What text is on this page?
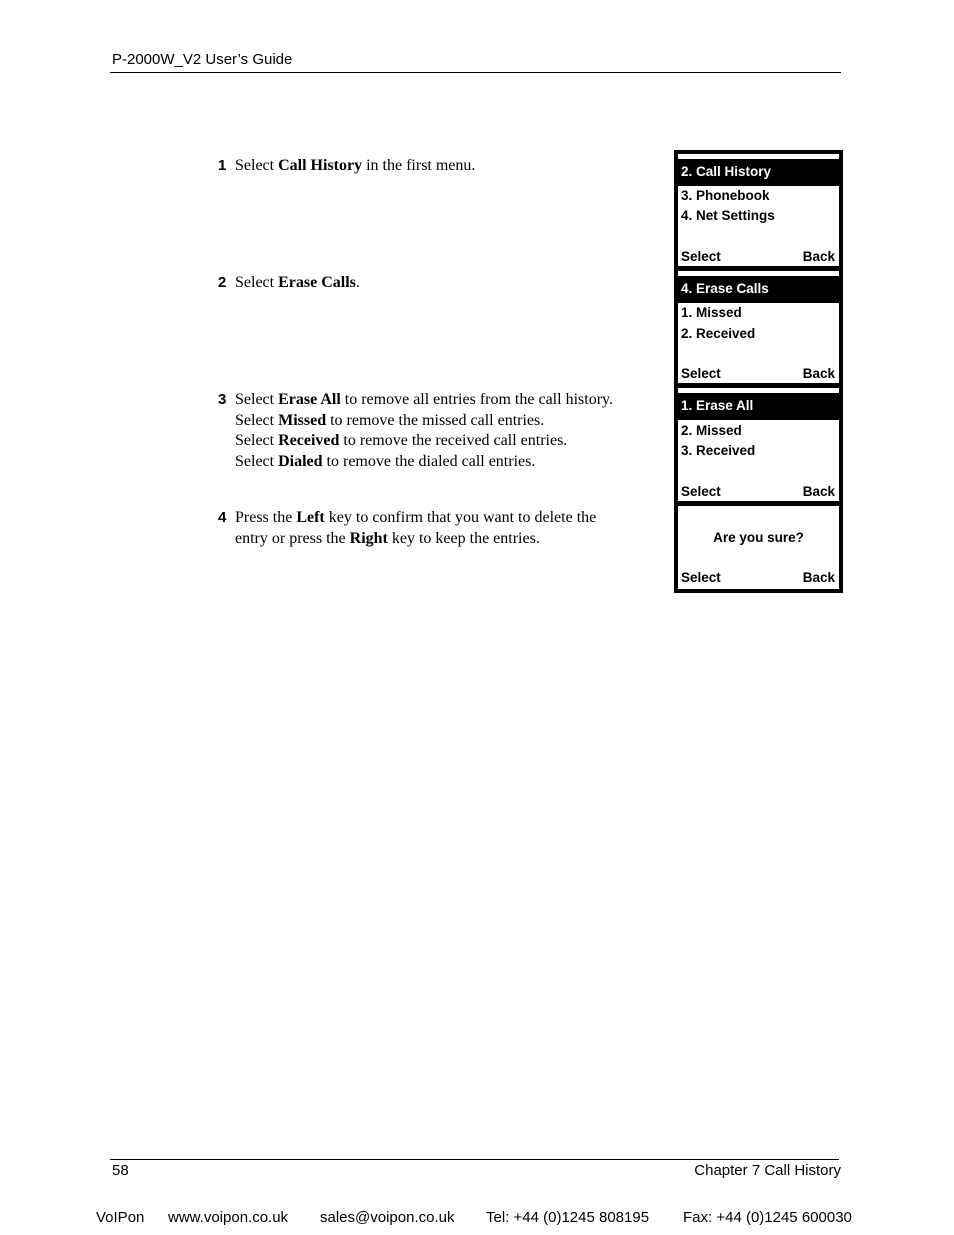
P-2000W_V2 User’s Guide
1 Select Call History in the first menu.
2 Select Erase Calls.
3 Select Erase All to remove all entries from the call history.
Select Missed to remove the missed call entries.
Select Received to remove the received call entries.
Select Dialed to remove the dialed call entries.
4 Press the Left key to confirm that you want to delete the
entry or press the Right key to keep the entries.
2. Call History
3. Phonebook
4. Net Settings
Select	Back
4. Erase Calls
1. Missed
2. Received
Select	Back
1. Erase All
2. Missed
3. Received
Select	Back
Are you sure?
Select	Back
58	Chapter 7 Call History
VoIPon www.voipon.co.uk sales@voipon.co.uk Tel: +44 (0)1245 808195 Fax: +44 (0)1245 600030
